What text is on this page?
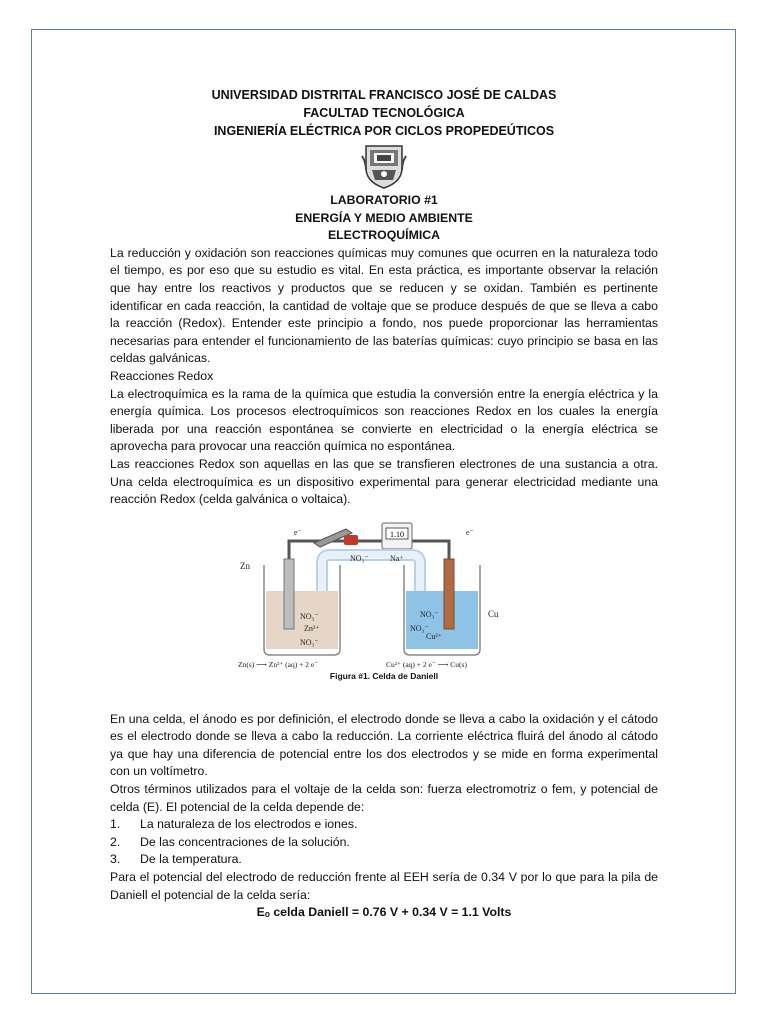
UNIVERSIDAD DISTRITAL FRANCISCO JOSÉ DE CALDAS
FACULTAD TECNOLÓGICA
INGENIERÍA ELÉCTRICA POR CICLOS PROPEDEÚTICOS
LABORATORIO #1
ENERGÍA Y MEDIO AMBIENTE
ELECTROQUÍMICA

La reducción y oxidación son reacciones químicas muy comunes que ocurren en la naturaleza todo el tiempo, es por eso que su estudio es vital. En esta práctica, es importante observar la relación que hay entre los reactivos y productos que se reducen y se oxidan. También es pertinente identificar en cada reacción, la cantidad de voltaje que se produce después de que se lleva a cabo la reacción (Redox). Entender este principio a fondo, nos puede proporcionar las herramientas necesarias para entender el funcionamiento de las baterías químicas: cuyo principio se basa en las celdas galvánicas.

Reacciones Redox

La electroquímica es la rama de la química que estudia la conversión entre la energía eléctrica y la energía química. Los procesos electroquímicos son reacciones Redox en los cuales la energía liberada por una reacción espontánea se convierte en electricidad o la energía eléctrica se aprovecha para provocar una reacción química no espontánea.

Las reacciones Redox son aquellas en las que se transfieren electrones de una sustancia a otra. Una celda electroquímica es un dispositivo experimental para generar electricidad mediante una reacción Redox (celda galvánica o voltaica).

1.10
Zn
Cu
e⁻	e⁻
NO₃⁻	Na⁺
NO₃⁻
Zn²⁺
NO₃⁻
NO₃⁻
NO₃⁻
Cu²⁺
Zn(s) ⟶ Zn²⁺ (aq) + 2 e⁻	Cu²⁺ (aq) + 2 e⁻ ⟶ Cu(s)
Figura #1. Celda de Daniell

En una celda, el ánodo es por definición, el electrodo donde se lleva a cabo la oxidación y el cátodo es el electrodo donde se lleva a cabo la reducción. La corriente eléctrica fluirá del ánodo al cátodo ya que hay una diferencia de potencial entre los dos electrodos y se mide en forma experimental con un voltímetro.

Otros términos utilizados para el voltaje de la celda son: fuerza electromotriz o fem, y potencial de celda (E). El potencial de la celda depende de:

1.	La naturaleza de los electrodos e iones.
2.	De las concentraciones de la solución.
3.	De la temperatura.

Para el potencial del electrodo de reducción frente al EEH sería de 0.34 V por lo que para la pila de Daniell el potencial de la celda sería:

Eₒ celda Daniell = 0.76 V + 0.34 V = 1.1 Volts
